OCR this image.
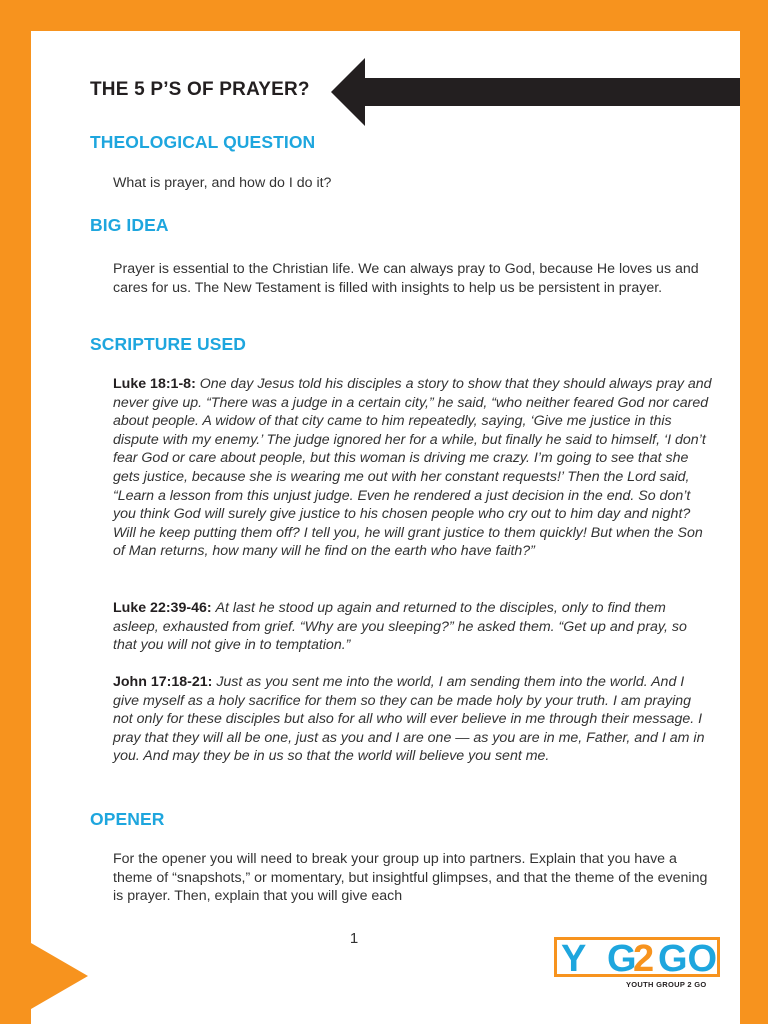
THE 5 P’S OF PRAYER?
THEOLOGICAL QUESTION
What is prayer, and how do I do it?
BIG IDEA
Prayer is essential to the Christian life. We can always pray to God, because He loves us and cares for us. The New Testament is filled with insights to help us be persistent in prayer.
SCRIPTURE USED
Luke 18:1-8: One day Jesus told his disciples a story to show that they should always pray and never give up. “There was a judge in a certain city,” he said, “who neither feared God nor cared about people. A widow of that city came to him repeatedly, saying, ‘Give me justice in this dispute with my enemy.’ The judge ignored her for a while, but finally he said to himself, ‘I don’t fear God or care about people, but this woman is driving me crazy. I’m going to see that she gets justice, because she is wearing me out with her constant requests!’ Then the Lord said, “Learn a lesson from this unjust judge. Even he rendered a just decision in the end. So don’t you think God will surely give justice to his chosen people who cry out to him day and night? Will he keep putting them off? I tell you, he will grant justice to them quickly! But when the Son of Man returns, how many will he find on the earth who have faith?”
Luke 22:39-46: At last he stood up again and returned to the disciples, only to find them asleep, exhausted from grief. “Why are you sleeping?” he asked them. “Get up and pray, so that you will not give in to temptation.”
John 17:18-21: Just as you sent me into the world, I am sending them into the world. And I give myself as a holy sacrifice for them so they can be made holy by your truth. I am praying not only for these disciples but also for all who will ever believe in me through their message. I pray that they will all be one, just as you and I are one — as you are in me, Father, and I am in you. And may they be in us so that the world will believe you sent me.
OPENER
For the opener you will need to break your group up into partners. Explain that you have a theme of “snapshots,” or momentary, but insightful glimpses, and that the theme of the evening is prayer. Then, explain that you will give each
1	Y G
2 GO
YOUTH GROUP 2 GO
